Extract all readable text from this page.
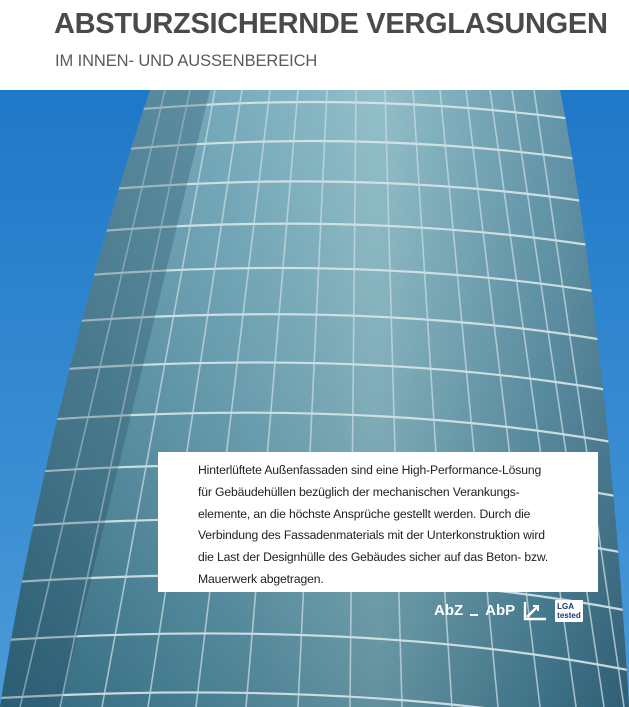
ABSTURZSICHERNDE VERGLASUNGEN
IM INNEN- UND AUSSENBEREICH

Hinterlüftete Außenfassaden sind eine High-Performance-Lösung

für Gebäudehüllen bezüglich der mechanischen Verankungs-

elemente, an die höchste Ansprüche gestellt werden. Durch die

Verbindung des Fassadenmaterials mit der Unterkonstruktion wird

die Last der Designhülle des Gebäudes sicher auf das Beton- bzw.

Mauerwerk abgetragen.

AbZ AbP	LGA
tested
